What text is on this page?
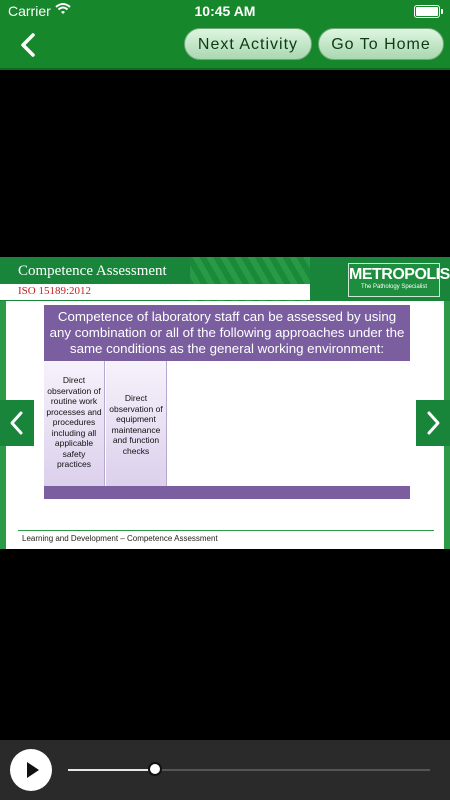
Carrier	10:45 AM
Next Activity	Go To Home
Competence Assessment
ISO 15189:2012
METROPOLIS
The Pathology Specialist
Competence of laboratory staff can be assessed by using any combination or all of the following approaches under the same conditions as the general working environment:
Direct observation of routine work processes and procedures including all applicable safety practices
Direct observation of equipment maintenance and function checks
Learning and Development – Competence Assessment
